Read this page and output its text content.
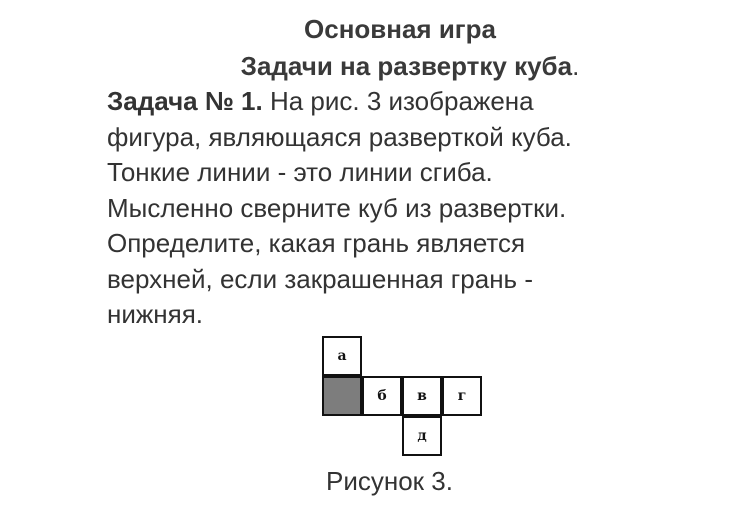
Основная игра
Задачи на развертку куба.
Задача № 1. На рис. 3 изображена
фигура, являющаяся разверткой куба.
Тонкие линии - это линии сгиба.
Мысленно сверните куб из развертки.
Определите, какая грань является
верхней, если закрашенная грань -
нижняя.
а
б	в	г
д
Рисунок 3.
